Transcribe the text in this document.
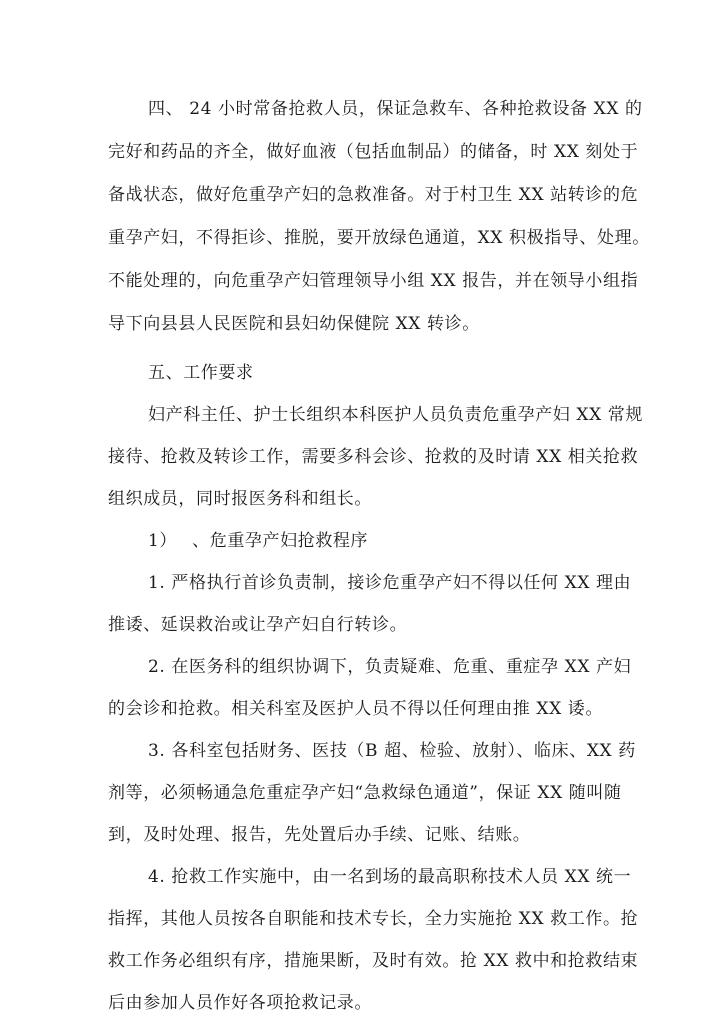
四、 24 小时常备抢救人员，保证急救车、各种抢救设备 XX 的
完好和药品的齐全，做好血液（包括血制品）的储备，时 XX 刻处于
备战状态，做好危重孕产妇的急救准备。对于村卫生 XX 站转诊的危
重孕产妇，不得拒诊、推脱，要开放绿色通道，XX 积极指导、处理。
不能处理的，向危重孕产妇管理领导小组 XX 报告，并在领导小组指
导下向县县人民医院和县妇幼保健院 XX 转诊。
五、工作要求
妇产科主任、护士长组织本科医护人员负责危重孕产妇 XX 常规
接待、抢救及转诊工作，需要多科会诊、抢救的及时请 XX 相关抢救
组织成员，同时报医务科和组长。
1）　 、危重孕产妇抢救程序
1. 严格执行首诊负责制，接诊危重孕产妇不得以任何 XX 理由
推诿、延误救治或让孕产妇自行转诊。
2. 在医务科的组织协调下，负责疑难、危重、重症孕 XX 产妇
的会诊和抢救。相关科室及医护人员不得以任何理由推 XX 诿。
3. 各科室包括财务、医技（B 超、检验、放射）、临床、XX 药
剂等，必须畅通急危重症孕产妇“急救绿色通道”，保证 XX 随叫随
到，及时处理、报告，先处置后办手续、记账、结账。
4. 抢救工作实施中，由一名到场的最高职称技术人员 XX 统一
指挥，其他人员按各自职能和技术专长，全力实施抢 XX 救工作。抢
救工作务必组织有序，措施果断，及时有效。抢 XX 救中和抢救结束
后由参加人员作好各项抢救记录。
